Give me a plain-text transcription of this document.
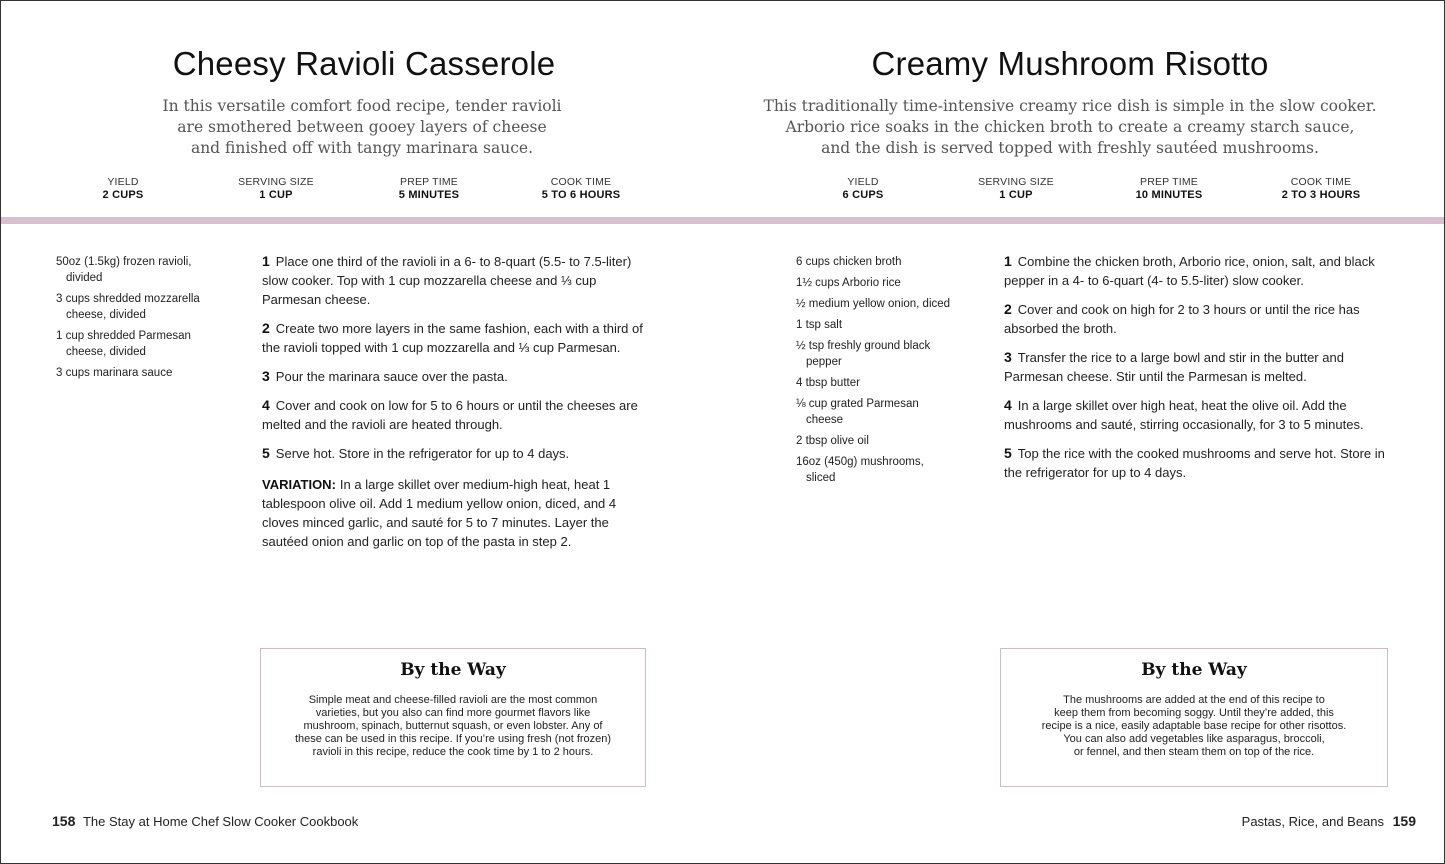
Cheesy Ravioli Casserole
In this versatile comfort food recipe, tender ravioli
are smothered between gooey layers of cheese
and finished off with tangy marinara sauce.
YIELD
2 CUPS
SERVING SIZE
1 CUP
PREP TIME
5 MINUTES
COOK TIME
5 TO 6 HOURS
50oz (1.5kg) frozen ravioli, divided
3 cups shredded mozzarella cheese, divided
1 cup shredded Parmesan cheese, divided
3 cups marinara sauce
1 Place one third of the ravioli in a 6- to 8-quart (5.5- to 7.5-liter) slow cooker. Top with 1 cup mozzarella cheese and ⅓ cup Parmesan cheese.
2 Create two more layers in the same fashion, each with a third of the ravioli topped with 1 cup mozzarella and ⅓ cup Parmesan.
3 Pour the marinara sauce over the pasta.
4 Cover and cook on low for 5 to 6 hours or until the cheeses are melted and the ravioli are heated through.
5 Serve hot. Store in the refrigerator for up to 4 days.
VARIATION: In a large skillet over medium-high heat, heat 1 tablespoon olive oil. Add 1 medium yellow onion, diced, and 4 cloves minced garlic, and sauté for 5 to 7 minutes. Layer the sautéed onion and garlic on top of the pasta in step 2.
By the Way
Simple meat and cheese-filled ravioli are the most common
varieties, but you also can find more gourmet flavors like
mushroom, spinach, butternut squash, or even lobster. Any of
these can be used in this recipe. If you’re using fresh (not frozen)
ravioli in this recipe, reduce the cook time by 1 to 2 hours.
158 The Stay at Home Chef Slow Cooker Cookbook
Creamy Mushroom Risotto
This traditionally time-intensive creamy rice dish is simple in the slow cooker.
Arborio rice soaks in the chicken broth to create a creamy starch sauce,
and the dish is served topped with freshly sautéed mushrooms.
YIELD
6 CUPS
SERVING SIZE
1 CUP
PREP TIME
10 MINUTES
COOK TIME
2 TO 3 HOURS
6 cups chicken broth
1½ cups Arborio rice
½ medium yellow onion, diced
1 tsp salt
½ tsp freshly ground black pepper
4 tbsp butter
⅛ cup grated Parmesan cheese
2 tbsp olive oil
16oz (450g) mushrooms, sliced
1 Combine the chicken broth, Arborio rice, onion, salt, and black pepper in a 4- to 6-quart (4- to 5.5-liter) slow cooker.
2 Cover and cook on high for 2 to 3 hours or until the rice has absorbed the broth.
3 Transfer the rice to a large bowl and stir in the butter and Parmesan cheese. Stir until the Parmesan is melted.
4 In a large skillet over high heat, heat the olive oil. Add the mushrooms and sauté, stirring occasionally, for 3 to 5 minutes.
5 Top the rice with the cooked mushrooms and serve hot. Store in the refrigerator for up to 4 days.
By the Way
The mushrooms are added at the end of this recipe to
keep them from becoming soggy. Until they’re added, this
recipe is a nice, easily adaptable base recipe for other risottos.
You can also add vegetables like asparagus, broccoli,
or fennel, and then steam them on top of the rice.
Pastas, Rice, and Beans 159
